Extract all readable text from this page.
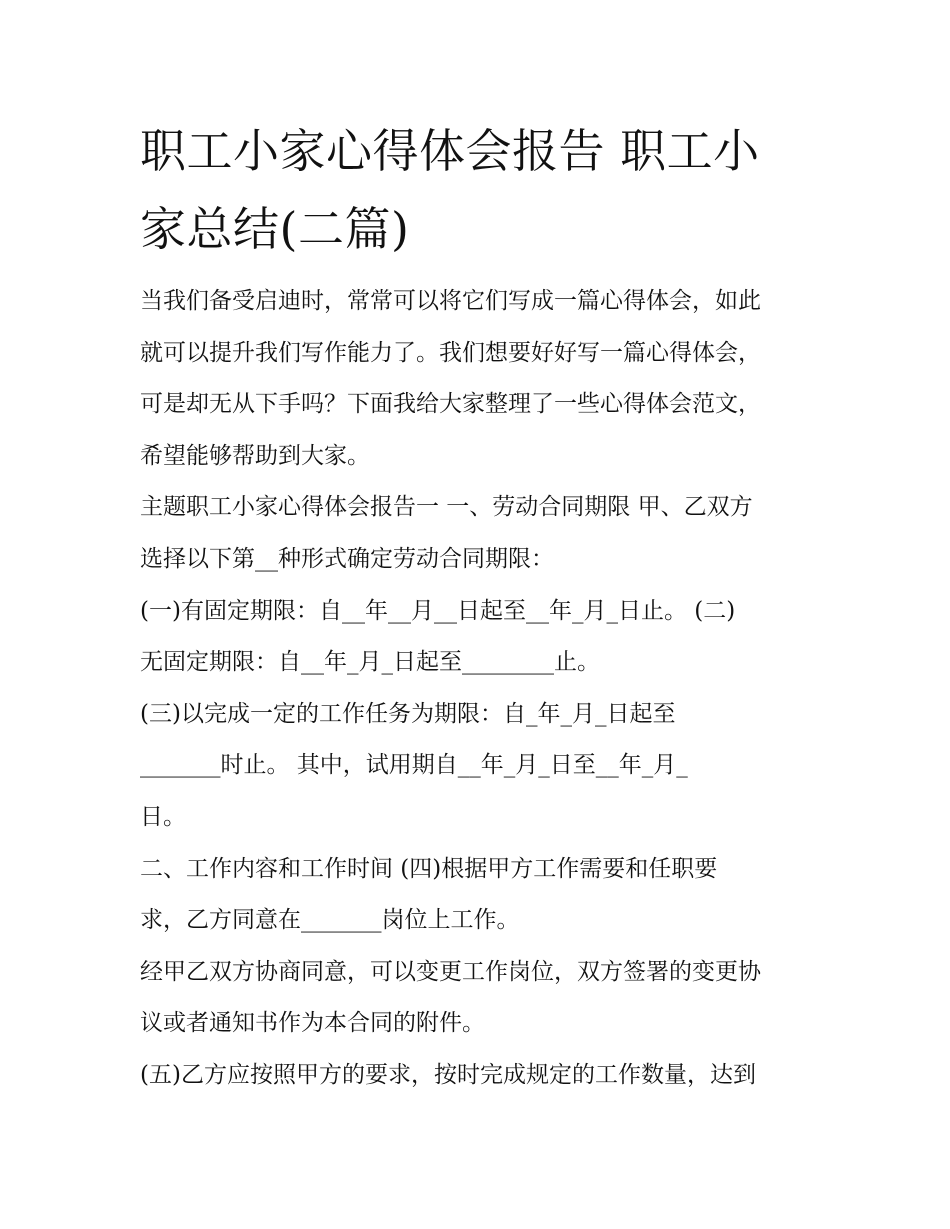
职工小家心得体会报告 职工小
家总结(二篇)
当我们备受启迪时，常常可以将它们写成一篇心得体会，如此
就可以提升我们写作能力了。我们想要好好写一篇心得体会，
可是却无从下手吗？下面我给大家整理了一些心得体会范文，
希望能够帮助到大家。
主题职工小家心得体会报告一 一、劳动合同期限 甲、乙双方
选择以下第__种形式确定劳动合同期限：
(一)有固定期限：自__年__月__日起至__年_月_日止。 (二)
无固定期限：自__年_月_日起至________止。
(三)以完成一定的工作任务为期限：自_年_月_日起至
_______时止。 其中，试用期自__年_月_日至__年_月_
日。
二、工作内容和工作时间 (四)根据甲方工作需要和任职要
求，乙方同意在_______岗位上工作。
经甲乙双方协商同意，可以变更工作岗位，双方签署的变更协
议或者通知书作为本合同的附件。
(五)乙方应按照甲方的要求，按时完成规定的工作数量，达到
